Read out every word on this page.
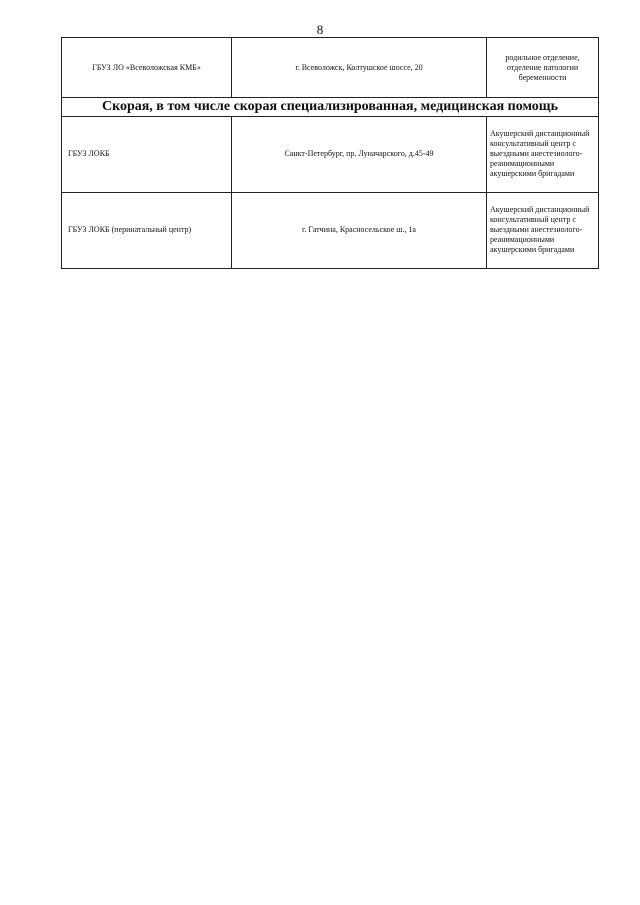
8
ГБУЗ ЛО «Всеволожская КМБ»	г. Всеволожск, Колтушское шоссе, 20	родильное отделение, отделение патологии беременности
Скорая, в том числе скорая специализированная, медицинская помощь		
ГБУЗ ЛОКБ	Санкт-Петербург, пр. Луначарского, д.45-49	Акушерский дистанционный консультативный центр с выездными анестезиолого-реанимационными акушерскими бригадами
ГБУЗ ЛОКБ (перинатальный центр)	г. Гатчина, Красносельское ш., 1а	Акушерский дистанционный консультативный центр с выездными анестезиолого-реанимационными акушерскими бригадами
